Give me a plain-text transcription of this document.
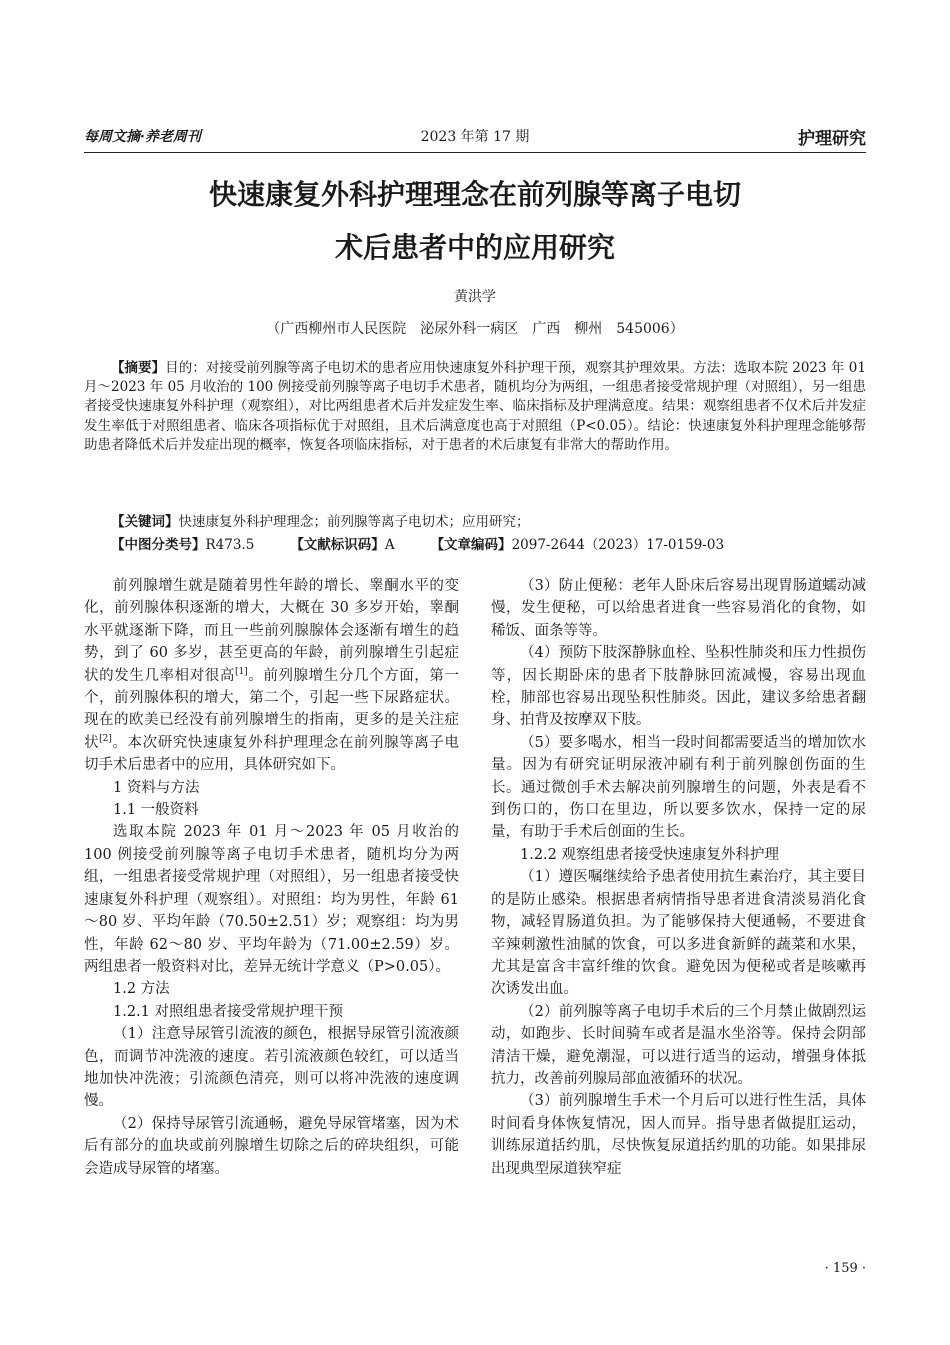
每周文摘·养老周刊	2023 年第 17 期	护理研究
快速康复外科护理理念在前列腺等离子电切
术后患者中的应用研究
黄洪学
（广西柳州市人民医院　泌尿外科一病区　广西　柳州　545006）

【摘要】目的：对接受前列腺等离子电切术的患者应用快速康复外科护理干预，观察其护理效果。方法：选取本院 2023 年 01 月～2023 年 05 月收治的 100 例接受前列腺等离子电切手术患者，随机均分为两组，一组患者接受常规护理（对照组），另一组患者接受快速康复外科护理（观察组），对比两组患者术后并发症发生率、临床指标及护理满意度。结果：观察组患者不仅术后并发症发生率低于对照组患者、临床各项指标优于对照组，且术后满意度也高于对照组（P<0.05）。结论：快速康复外科护理理念能够帮助患者降低术后并发症出现的概率，恢复各项临床指标，对于患者的术后康复有非常大的帮助作用。

【关键词】快速康复外科护理理念；前列腺等离子电切术；应用研究；
【中图分类号】R473.5	【文献标识码】A	【文章编码】2097-2644（2023）17-0159-03

前列腺增生就是随着男性年龄的增长、睾酮水平的变化，前列腺体积逐渐的增大，大概在 30 多岁开始，睾酮水平就逐渐下降，而且一些前列腺腺体会逐渐有增生的趋势，到了 60 多岁，甚至更高的年龄，前列腺增生引起症状的发生几率相对很高[1]。前列腺增生分几个方面，第一个，前列腺体积的增大，第二个，引起一些下尿路症状。现在的欧美已经没有前列腺增生的指南，更多的是关注症状[2]。本次研究快速康复外科护理理念在前列腺等离子电切手术后患者中的应用，具体研究如下。

1 资料与方法

1.1 一般资料

选取本院 2023 年 01 月～2023 年 05 月收治的 100 例接受前列腺等离子电切手术患者，随机均分为两组，一组患者接受常规护理（对照组），另一组患者接受快速康复外科护理（观察组）。对照组：均为男性，年龄 61～80 岁、平均年龄（70.50±2.51）岁；观察组：均为男性，年龄 62～80 岁、平均年龄为（71.00±2.59）岁。两组患者一般资料对比，差异无统计学意义（P>0.05）。

1.2 方法

1.2.1 对照组患者接受常规护理干预

（1）注意导尿管引流液的颜色，根据导尿管引流液颜色，而调节冲洗液的速度。若引流液颜色较红，可以适当地加快冲洗液；引流颜色清亮，则可以将冲洗液的速度调慢。

（2）保持导尿管引流通畅，避免导尿管堵塞，因为术后有部分的血块或前列腺增生切除之后的碎块组织，可能会造成导尿管的堵塞。

（3）防止便秘：老年人卧床后容易出现胃肠道蠕动减慢，发生便秘，可以给患者进食一些容易消化的食物，如稀饭、面条等等。

（4）预防下肢深静脉血栓、坠积性肺炎和压力性损伤等，因长期卧床的患者下肢静脉回流减慢，容易出现血栓，肺部也容易出现坠积性肺炎。因此，建议多给患者翻身、拍背及按摩双下肢。

（5）要多喝水，相当一段时间都需要适当的增加饮水量。因为有研究证明尿液冲刷有利于前列腺创伤面的生长。通过微创手术去解决前列腺增生的问题，外表是看不到伤口的，伤口在里边，所以要多饮水，保持一定的尿量，有助于手术后创面的生长。

1.2.2 观察组患者接受快速康复外科护理

（1）遵医嘱继续给予患者使用抗生素治疗，其主要目的是防止感染。根据患者病情指导患者进食清淡易消化食物，减轻胃肠道负担。为了能够保持大便通畅，不要进食辛辣刺激性油腻的饮食，可以多进食新鲜的蔬菜和水果，尤其是富含丰富纤维的饮食。避免因为便秘或者是咳嗽再次诱发出血。

（2）前列腺等离子电切手术后的三个月禁止做剧烈运动，如跑步、长时间骑车或者是温水坐浴等。保持会阴部清洁干燥，避免潮湿，可以进行适当的运动，增强身体抵抗力，改善前列腺局部血液循环的状况。

（3）前列腺增生手术一个月后可以进行性生活，具体时间看身体恢复情况，因人而异。指导患者做提肛运动，训练尿道括约肌，尽快恢复尿道括约肌的功能。如果排尿出现典型尿道狭窄症

· 159 ·
